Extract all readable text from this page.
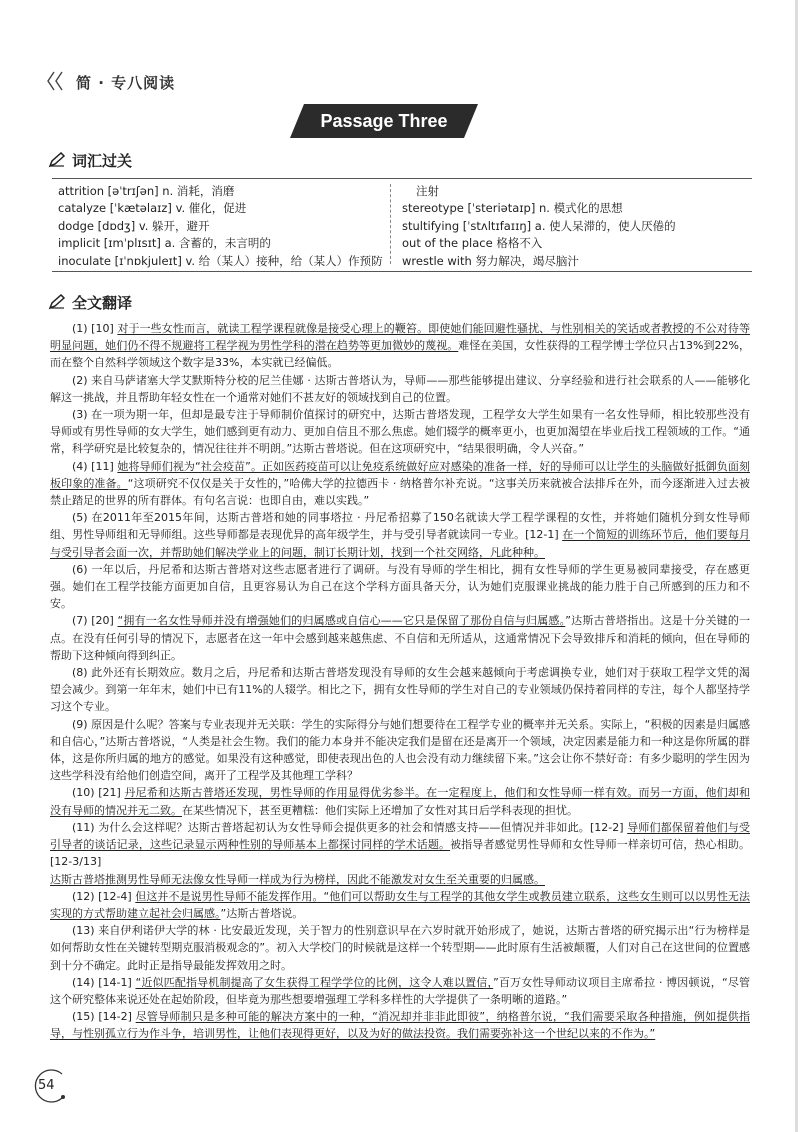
简 · 专八阅读
Passage Three
词汇过关
attrition [əˈtrɪʃən] n. 消耗，消磨
catalyze [ˈkætəlaɪz] v. 催化，促进
dodge [dɒdʒ] v. 躲开，避开
implicit [ɪmˈplɪsɪt] a. 含蓄的，未言明的
inoculate [ɪˈnɒkjuleɪt] v. 给（某人）接种，给（某人）作预防
注射
stereotype [ˈsteriətaɪp] n. 模式化的思想
stultifying [ˈstʌltɪfaɪɪŋ] a. 使人呆滞的，使人厌倦的
out of the place 格格不入
wrestle with 努力解决，竭尽脑汁
全文翻译

(1) [10] 对于一些女性而言，就读工程学课程就像是接受心理上的鞭笞。即使她们能回避性骚扰、与性别相关的笑话或者教授的不公对待等明显问题，她们仍不得不规避将工程学视为男性学科的潜在趋势等更加微妙的蔑视。难怪在美国，女性获得的工程学博士学位只占13%到22%，而在整个自然科学领域这个数字是33%，本实就已经偏低。

(2) 来自马萨诸塞大学艾默斯特分校的尼兰佳娜 · 达斯古普塔认为，导师——那些能够提出建议、分享经验和进行社会联系的人——能够化解这一挑战，并且帮助年轻女性在一个通常对她们不甚友好的领域找到自己的位置。

(3) 在一项为期一年，但却是最专注于导师制价值探讨的研究中，达斯古普塔发现，工程学女大学生如果有一名女性导师，相比较那些没有导师或有男性导师的女大学生，她们感到更有动力、更加自信且不那么焦虑。她们辍学的概率更小，也更加渴望在毕业后找工程领域的工作。“通常，科学研究是比较复杂的，情况往往并不明朗。”达斯古普塔说。但在这项研究中，“结果很明确，令人兴奋。”

(4) [11] 她将导师们视为“社会疫苗”。正如医药疫苗可以让免疫系统做好应对感染的准备一样，好的导师可以让学生的头脑做好抵御负面刻板印象的准备。“这项研究不仅仅是关于女性的，”哈佛大学的拉德西卡 · 纳格普尔补充说。“这事关历来就被合法排斥在外，而今逐渐进入过去被禁止踏足的世界的所有群体。有句名言说：也即自由，难以实践。”

(5) 在2011年至2015年间，达斯古普塔和她的同事塔拉 · 丹尼希招募了150名就读大学工程学课程的女性，并将她们随机分到女性导师组、男性导师组和无导师组。这些导师都是表现优异的高年级学生，并与受引导者就读同一专业。[12-1] 在一个简短的训练环节后，他们要每月与受引导者会面一次，并帮助她们解决学业上的问题，制订长期计划，找到一个社交网络，凡此种种。

(6) 一年以后，丹尼希和达斯古普塔对这些志愿者进行了调研。与没有导师的学生相比，拥有女性导师的学生更易被同辈接受，存在感更强。她们在工程学技能方面更加自信，且更容易认为自己在这个学科方面具备天分，认为她们克服课业挑战的能力胜于自己所感到的压力和不安。

(7) [20] “拥有一名女性导师并没有增强她们的归属感或自信心——它只是保留了那份自信与归属感。”达斯古普塔指出。这是十分关键的一点。在没有任何引导的情况下，志愿者在这一年中会感到越来越焦虑、不自信和无所适从，这通常情况下会导致排斥和消耗的倾向，但在导师的帮助下这种倾向得到纠正。

(8) 此外还有长期效应。数月之后，丹尼希和达斯古普塔发现没有导师的女生会越来越倾向于考虑调换专业，她们对于获取工程学文凭的渴望会减少。到第一年年末，她们中已有11%的人辍学。相比之下，拥有女性导师的学生对自己的专业领域仍保持着同样的专注，每个人都坚持学习这个专业。

(9) 原因是什么呢？答案与专业表现并无关联：学生的实际得分与她们想要待在工程学专业的概率并无关系。实际上，“积极的因素是归属感和自信心，”达斯古普塔说，“人类是社会生物。我们的能力本身并不能决定我们是留在还是离开一个领域，决定因素是能力和一种这是你所属的群体，这是你所归属的地方的感觉。如果没有这种感觉，即使表现出色的人也会没有动力继续留下来。”这会让你不禁好奇：有多少聪明的学生因为这些学科没有给他们创造空间，离开了工程学及其他理工学科？

(10) [21] 丹尼希和达斯古普塔还发现，男性导师的作用显得优劣参半。在一定程度上，他们和女性导师一样有效。而另一方面，他们却和没有导师的情况并无二致。在某些情况下，甚至更糟糕：他们实际上还增加了女性对其日后学科表现的担忧。

(11) 为什么会这样呢？达斯古普塔起初认为女性导师会提供更多的社会和情感支持——但情况并非如此。[12-2] 导师们都保留着他们与受引导者的谈话记录，这些记录显示两种性别的导师基本上都探讨同样的学术话题。被指导者感觉男性导师和女性导师一样亲切可信，热心相助。[12-3/13]

达斯古普塔推测男性导师无法像女性导师一样成为行为榜样，因此不能激发对女生至关重要的归属感。

(12) [12-4] 但这并不是说男性导师不能发挥作用。“他们可以帮助女生与工程学的其他女学生或教员建立联系，这些女生则可以以男性无法实现的方式帮助建立起社会归属感。”达斯古普塔说。

(13) 来自伊利诺伊大学的林 · 比安最近发现，关于智力的性别意识早在六岁时就开始形成了，她说，达斯古普塔的研究揭示出“行为榜样是如何帮助女性在关键转型期克服消极观念的”。初入大学校门的时候就是这样一个转型期——此时原有生活被颠覆，人们对自己在这世间的位置感到十分不确定。此时正是指导最能发挥效用之时。

(14) [14-1] “近似匹配指导机制提高了女生获得工程学学位的比例，这令人难以置信，”百万女性导师动议项目主席希拉 · 博因顿说，“尽管这个研究整体来说还处在起始阶段，但毕竟为那些想要增强理工学科多样性的大学提供了一条明晰的道路。”

(15) [14-2] 尽管导师制只是多种可能的解决方案中的一种，“消况却并非非此即彼”，纳格普尔说，“我们需要采取各种措施，例如提供指导，与性别孤立行为作斗争，培训男性，让他们表现得更好，以及为好的做法投资。我们需要弥补这一个世纪以来的不作为。”

54
